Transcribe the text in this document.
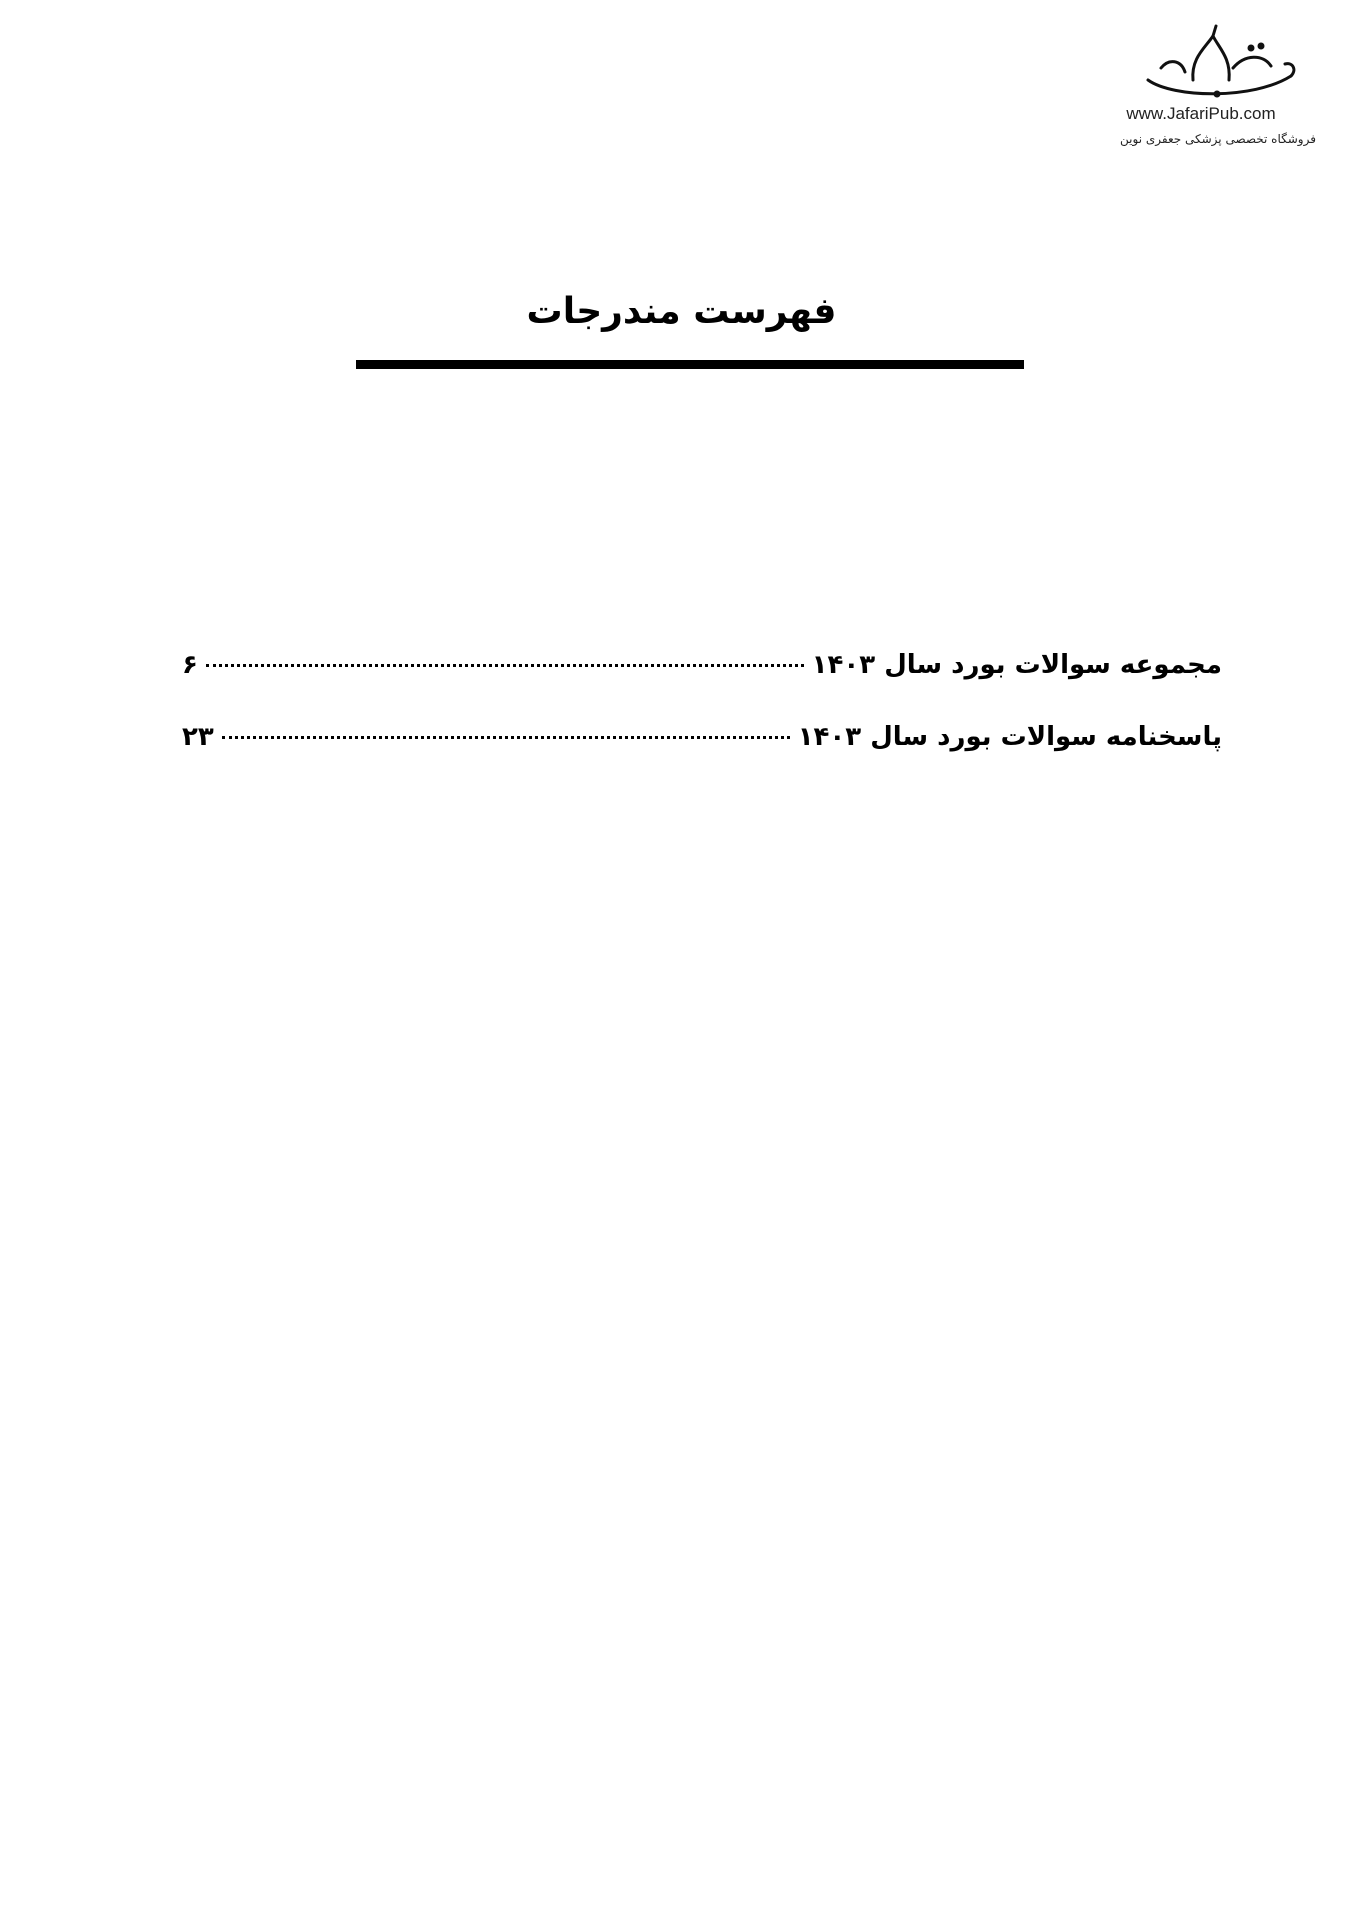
www.JafariPub.com
فروشگاه تخصصی پزشکی جعفری نوین
فهرست مندرجات
مجموعه سوالات بورد سال ۱۴۰۳
۶
پاسخنامه سوالات بورد سال ۱۴۰۳
۲۳
